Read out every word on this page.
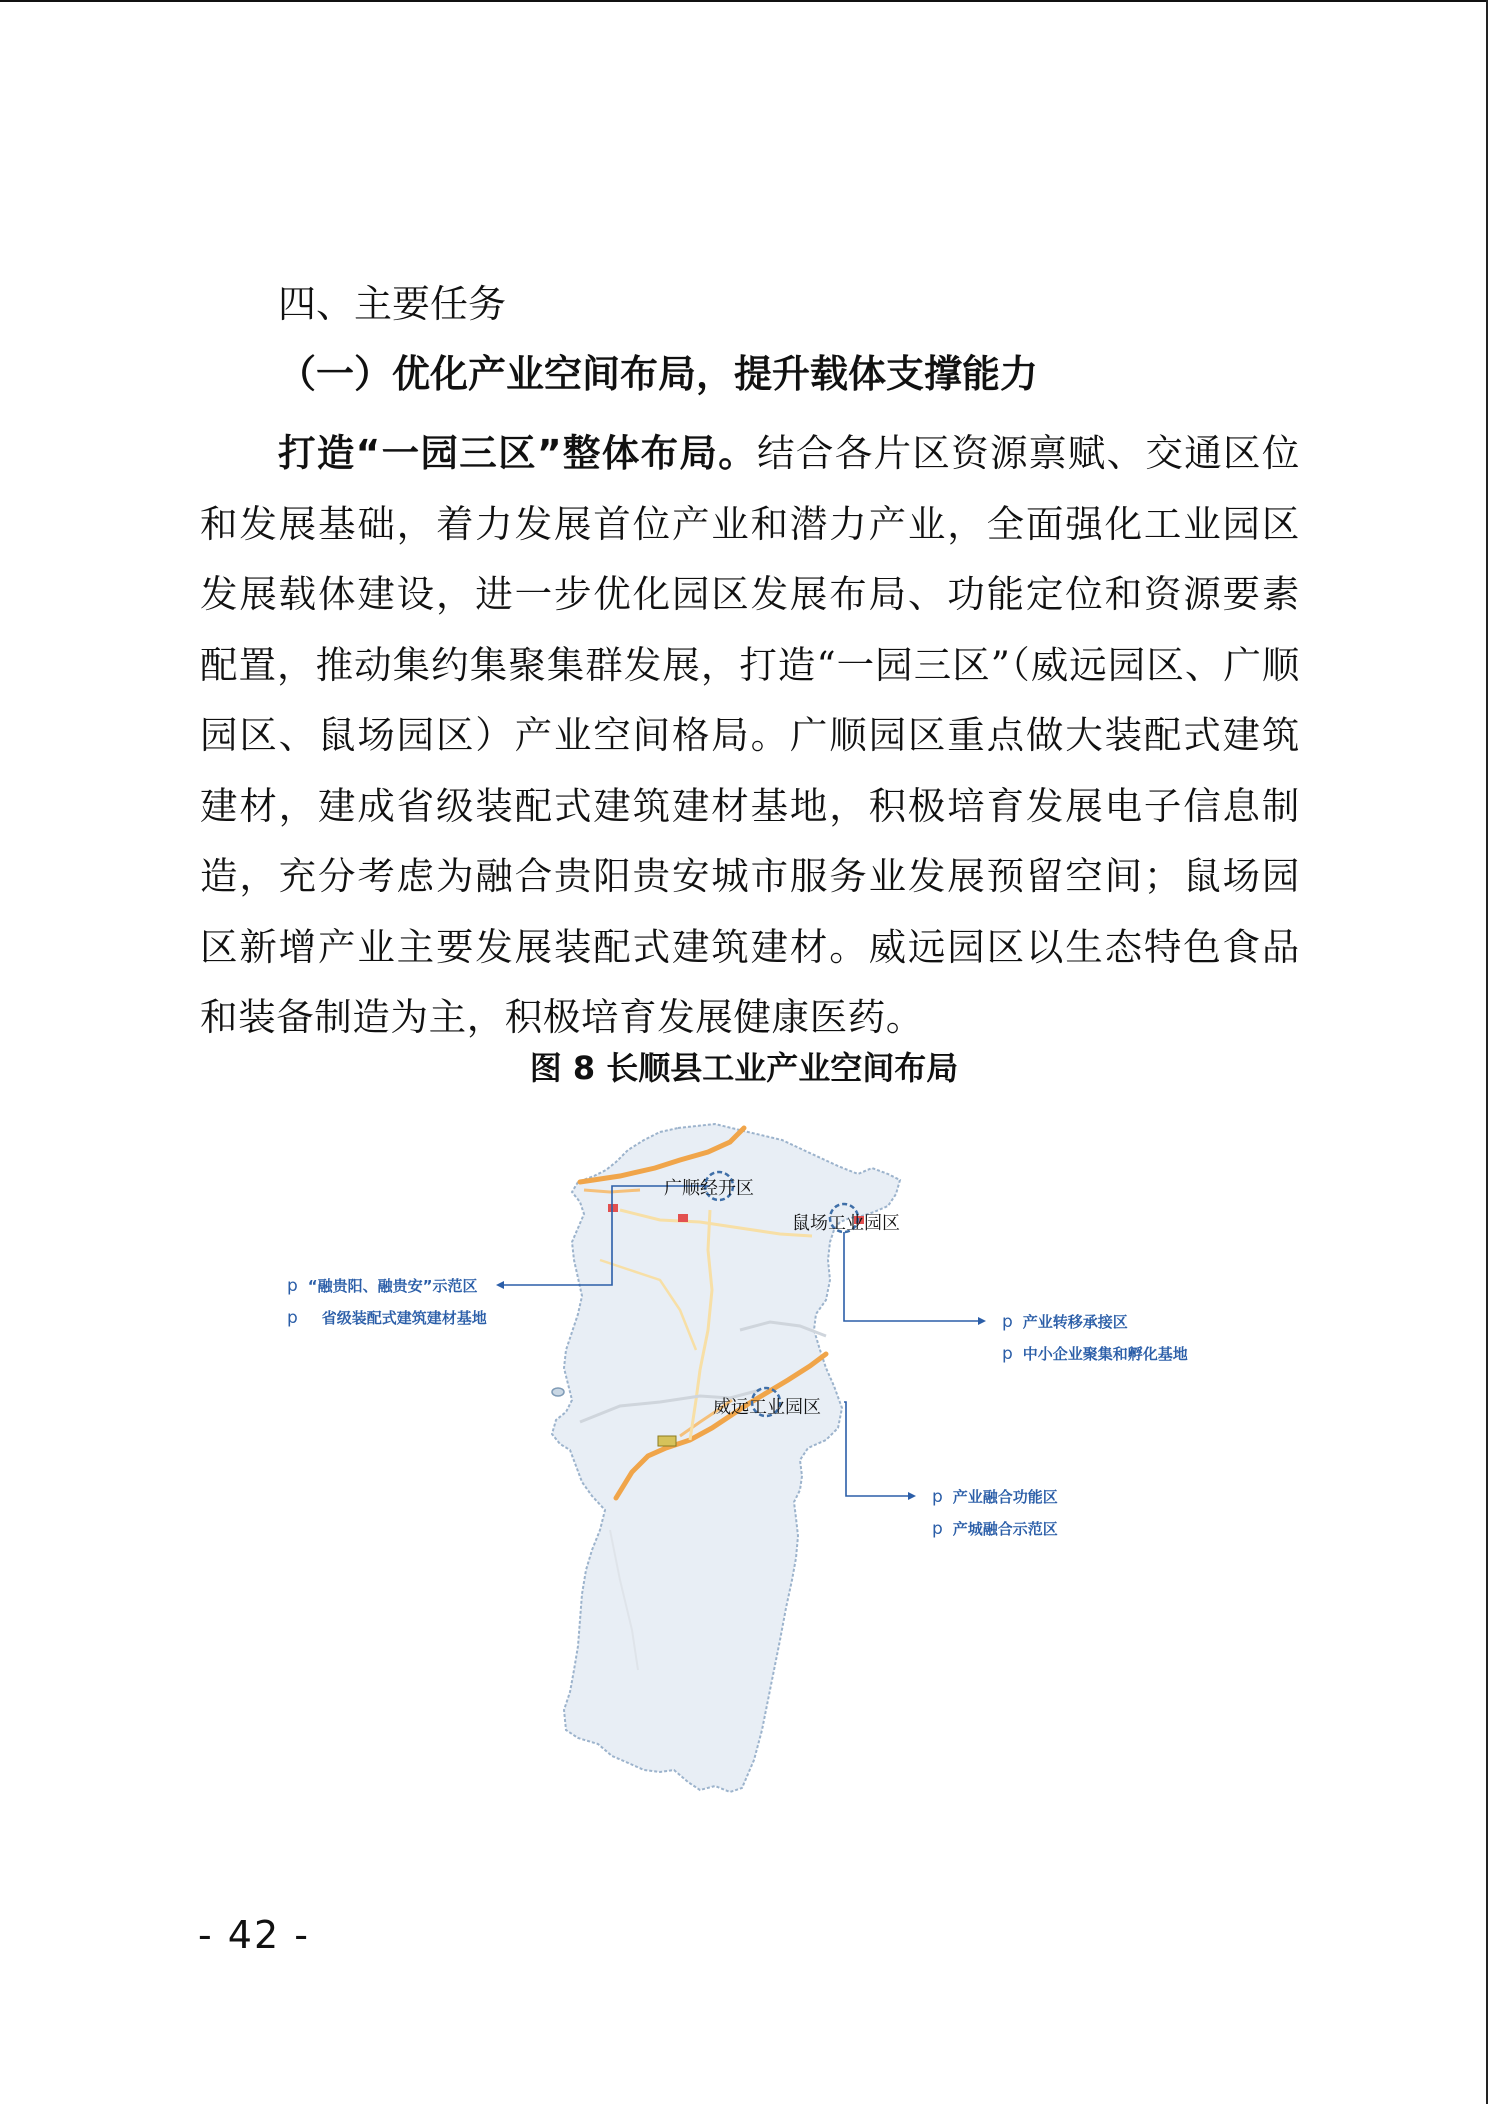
四、主要任务
（一）优化产业空间布局，提升载体支撑能力

打造“一园三区”整体布局。结合各片区资源禀赋、交通区位和发展基础，着力发展首位产业和潜力产业，全面强化工业园区发展载体建设，进一步优化园区发展布局、功能定位和资源要素配置，推动集约集聚集群发展，打造“一园三区”（威远园区、广顺园区、鼠场园区）产业空间格局。广顺园区重点做大装配式建筑建材，建成省级装配式建筑建材基地，积极培育发展电子信息制造，充分考虑为融合贵阳贵安城市服务业发展预留空间；鼠场园区新增产业主要发展装配式建筑建材。威远园区以生态特色食品和装备制造为主，积极培育发展健康医药。

图 8 长顺县工业产业空间布局

广顺经开区
鼠场工业园区
威远工业园区
p “融贵阳、融贵安”示范区
p 省级装配式建筑建材基地	p 产业转移承接区
p 中小企业聚集和孵化基地
p 产业融合功能区
p 产城融合示范区

- 42 -
